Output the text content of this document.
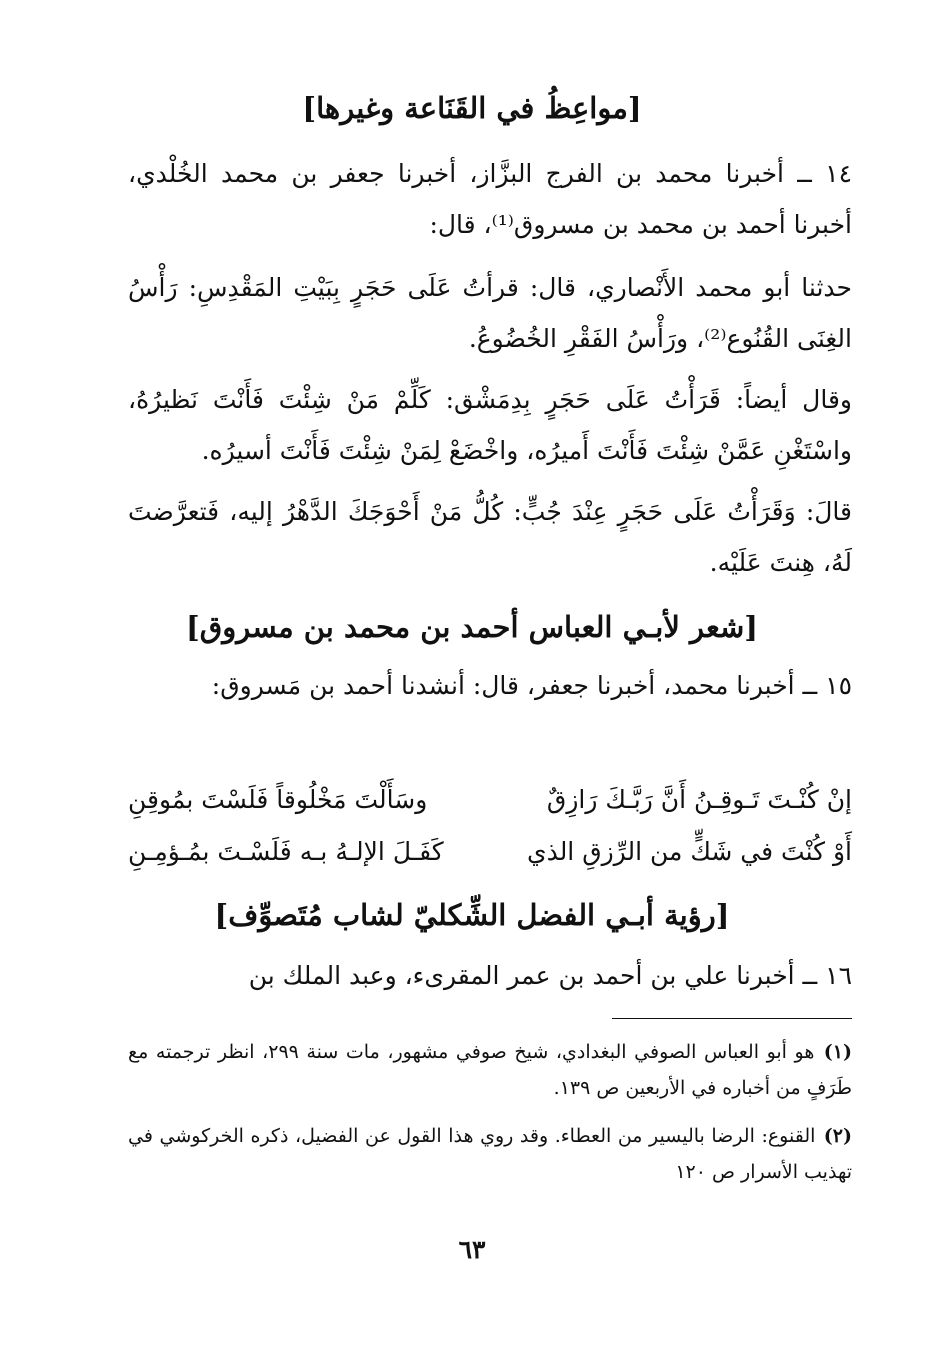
[مواعِظُ في القَنَاعة وغيرها]

١٤ ــ أخبرنا محمد بن الفرج البزَّاز، أخبرنا جعفر بن محمد الخُلْدي، أخبرنا أحمد بن محمد بن مسروق⁽¹⁾، قال:

حدثنا أبو محمد الأَنْصاري، قال: قرأتُ عَلَى حَجَرٍ بِبَيْتِ المَقْدِسِ: رَأْسُ الغِنَى القُنُوع⁽²⁾، ورَأْسُ الفَقْرِ الخُضُوعُ.

وقال أيضاً: قَرَأْتُ عَلَى حَجَرٍ بِدِمَشْق: كَلِّمْ مَنْ شِئْتَ فَأَنْتَ نَظيرُهُ، واسْتَغْنِ عَمَّنْ شِئْتَ فَأَنْتَ أَميرُه، واخْضَعْ لِمَنْ شِئْتَ فَأَنْتَ أسيرُه.

قالَ: وَقَرَأْتُ عَلَى حَجَرٍ عِنْدَ جُبٍّ: كُلُّ مَنْ أَحْوَجَكَ الدَّهْرُ إليه، فَتعرَّضتَ لَهُ، هِنتَ عَلَيْه.

[شعر لأبـي العباس أحمد بن محمد بن مسروق]

١٥ ــ أخبرنا محمد، أخبرنا جعفر، قال: أنشدنا أحمد بن مَسروق:

إنْ كُنْـتَ تَـوقِـنُ أَنَّ رَبَّـكَ رَازِقٌ
وسَأَلْتَ مَخْلُوقاً فَلَسْتَ بمُوقِنِ
أَوْ كُنْتَ في شَكٍّ من الرِّزقِ الذي
كَفَـلَ الإلـهُ بـه فَلَسْـتَ بمُـؤمِـنِ
[رؤية أبـي الفضل الشِّكليّ لشاب مُتَصوِّف]

١٦ ــ أخبرنا علي بن أحمد بن عمر المقرىء، وعبد الملك بن

(١) هو أبو العباس الصوفي البغدادي، شيخ صوفي مشهور، مات سنة ٢٩٩، انظر ترجمته مع طَرَفٍ من أخباره في الأربعين ص ١٣٩.

(٢) القنوع: الرضا باليسير من العطاء. وقد روي هذا القول عن الفضيل، ذكره الخركوشي في تهذيب الأسرار ص ١٢٠

٦٣
